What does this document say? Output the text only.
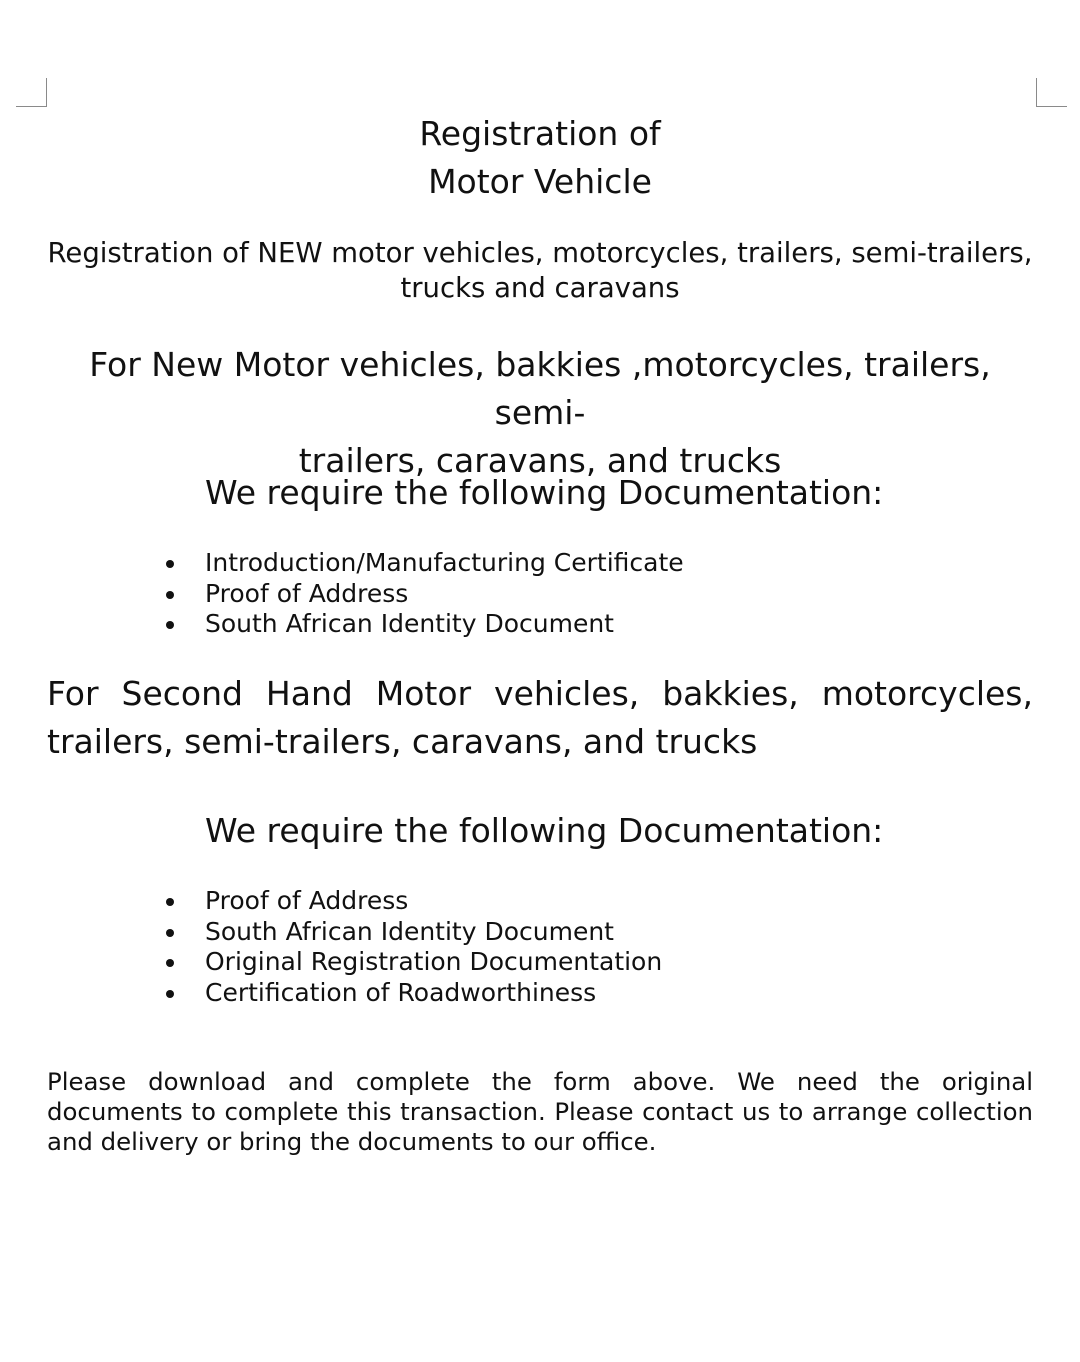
Registration of
Motor Vehicle
Registration of NEW motor vehicles, motorcycles, trailers, semi-trailers,
trucks and caravans
For New Motor vehicles, bakkies ,motorcycles, trailers, semi-
trailers, caravans, and trucks
We require the following Documentation:
Introduction/Manufacturing Certificate
Proof of Address
South African Identity Document
For Second Hand Motor vehicles, bakkies, motorcycles, trailers, semi-trailers, caravans, and trucks
We require the following Documentation:
Proof of Address
South African Identity Document
Original Registration Documentation
Certification of Roadworthiness
Please download and complete the form above. We need the original documents to complete this transaction. Please contact us to arrange collection and delivery or bring the documents to our office.
